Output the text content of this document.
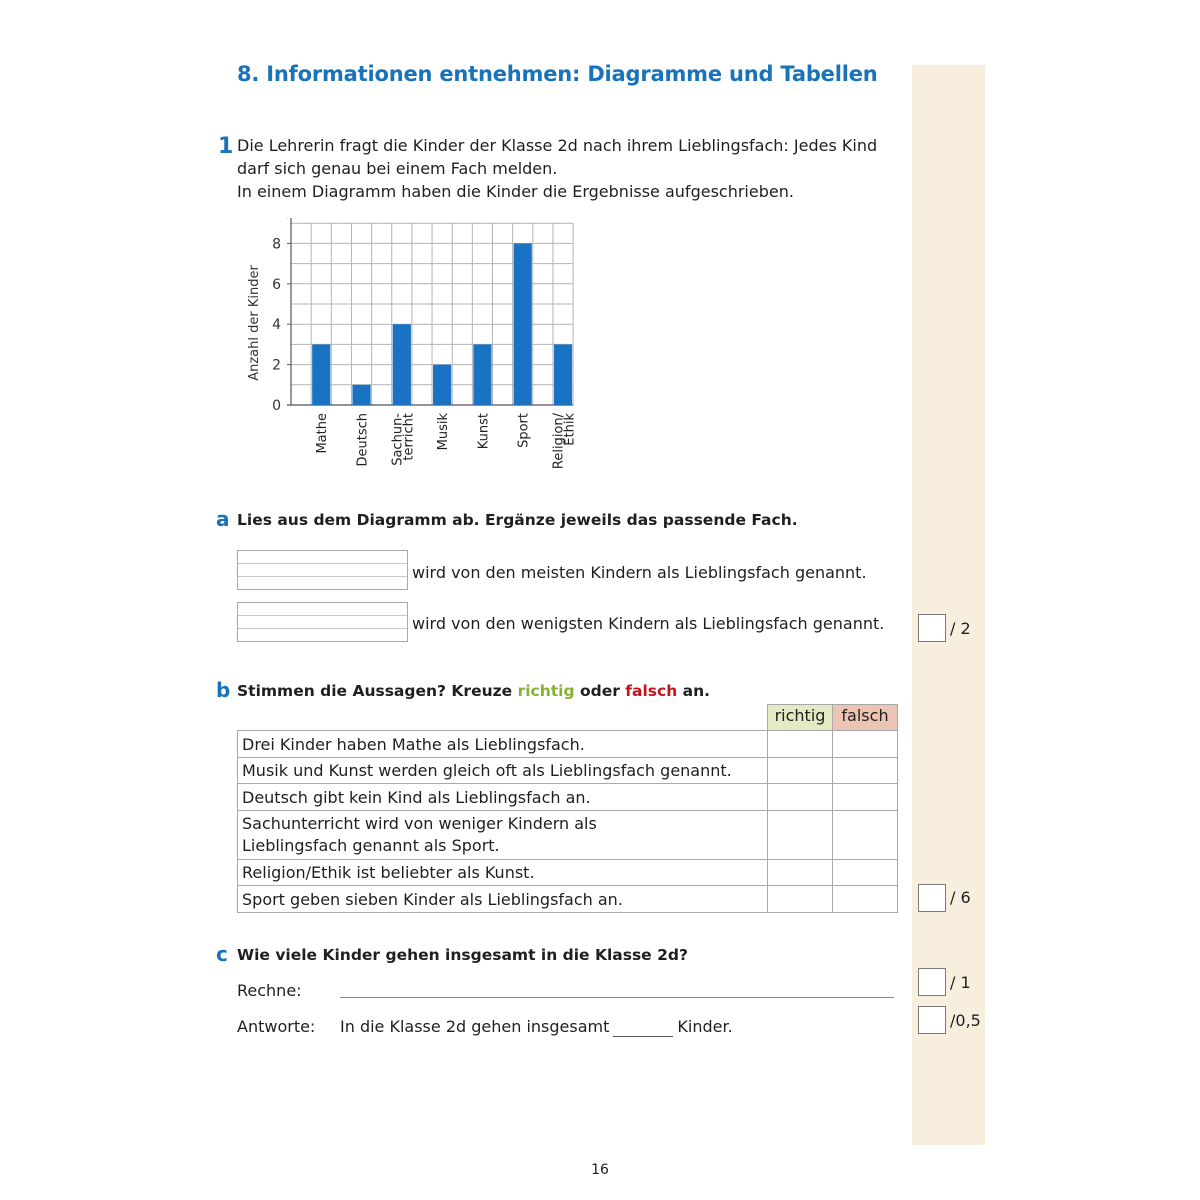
8. Informationen entnehmen: Diagramme und Tabellen
1 Die Lehrerin fragt die Kinder der Klasse 2d nach ihrem Lieblingsfach: Jedes Kind

darf sich genau bei einem Fach melden.

In einem Diagramm haben die Kinder die Ergebnisse aufgeschrieben.

0
2
4
6
8
Anzahl der Kinder
Mathe Deutsch Sachun-
terricht Musik Kunst Sport Religion/
Ethik
a Lies aus dem Diagramm ab. Ergänze jeweils das passende Fach.
wird von den meisten Kindern als Lieblingsfach genannt.
wird von den wenigsten Kindern als Lieblingsfach genannt.	/ 2
b Stimmen die Aussagen? Kreuze richtig oder falsch an.
	richtig	falsch
Drei Kinder haben Mathe als Lieblingsfach.		
Musik und Kunst werden gleich oft als Lieblingsfach genannt.		
Deutsch gibt kein Kind als Lieblingsfach an.		
Sachunterricht wird von weniger Kindern als
Lieblingsfach genannt als Sport.		
Religion/Ethik ist beliebter als Kunst.		
Sport geben sieben Kinder als Lieblingsfach an.			/ 6
c Wie viele Kinder gehen insgesamt in die Klasse 2d?
Rechne:
Antworte: In die Klasse 2d gehen insgesamt	Kinder.
/ 1
/0,5
16
